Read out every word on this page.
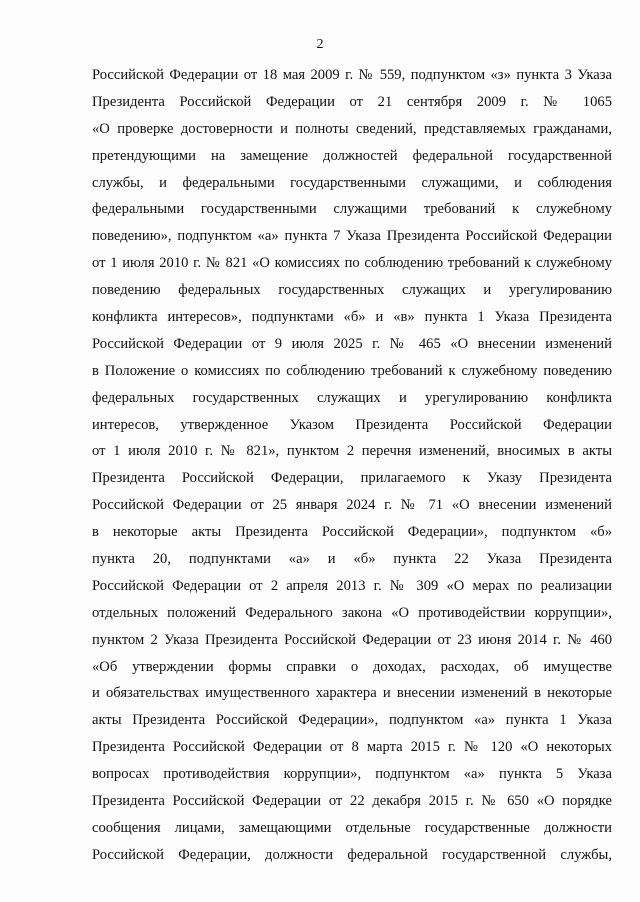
2
Российской Федерации от 18 мая 2009 г. № 559, подпунктом «з» пункта 3 Указа
Президента Российской Федерации от 21 сентября 2009 г. № 1065
«О проверке достоверности и полноты сведений, представляемых гражданами,
претендующими на замещение должностей федеральной государственной
службы, и федеральными государственными служащими, и соблюдения
федеральными государственными служащими требований к служебному
поведению», подпунктом «а» пункта 7 Указа Президента Российской Федерации
от 1 июля 2010 г. № 821 «О комиссиях по соблюдению требований к служебному
поведению федеральных государственных служащих и урегулированию
конфликта интересов», подпунктами «б» и «в» пункта 1 Указа Президента
Российской Федерации от 9 июля 2025 г. № 465 «О внесении изменений
в Положение о комиссиях по соблюдению требований к служебному поведению
федеральных государственных служащих и урегулированию конфликта
интересов, утвержденное Указом Президента Российской Федерации
от 1 июля 2010 г. № 821», пунктом 2 перечня изменений, вносимых в акты
Президента Российской Федерации, прилагаемого к Указу Президента
Российской Федерации от 25 января 2024 г. № 71 «О внесении изменений
в некоторые акты Президента Российской Федерации», подпунктом «б»
пункта 20, подпунктами «а» и «б» пункта 22 Указа Президента
Российской Федерации от 2 апреля 2013 г. № 309 «О мерах по реализации
отдельных положений Федерального закона «О противодействии коррупции»,
пунктом 2 Указа Президента Российской Федерации от 23 июня 2014 г. № 460
«Об утверждении формы справки о доходах, расходах, об имуществе
и обязательствах имущественного характера и внесении изменений в некоторые
акты Президента Российской Федерации», подпунктом «а» пункта 1 Указа
Президента Российской Федерации от 8 марта 2015 г. № 120 «О некоторых
вопросах противодействия коррупции», подпунктом «а» пункта 5 Указа
Президента Российской Федерации от 22 декабря 2015 г. № 650 «О порядке
сообщения лицами, замещающими отдельные государственные должности
Российской Федерации, должности федеральной государственной службы,
